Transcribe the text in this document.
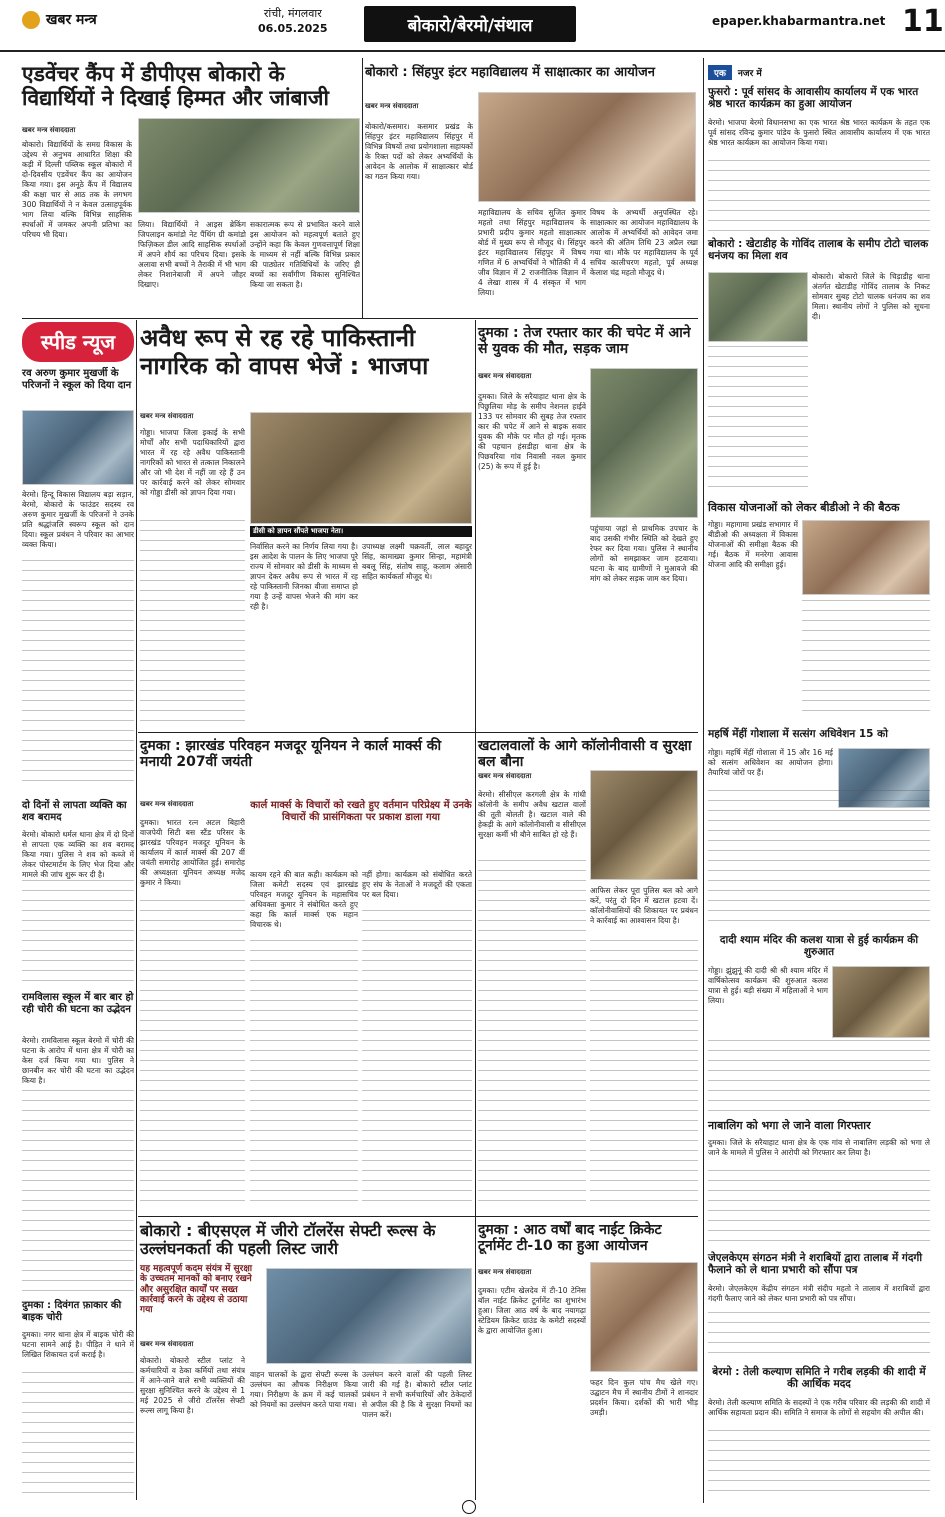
खबर मन्त्र	रांची, मंगलवार
06.05.2025	बोकारो/बेरमो/संथाल	epaper.khabarmantra.net 11
एडवेंचर कैंप में डीपीएस बोकारो के विद्यार्थियों ने दिखाई हिम्मत और जांबाजी
खबर मन्त्र संवाददाता
बोकारो। विद्यार्थियों के समग्र विकास के उद्देश्य से अनुभव आधारित शिक्षा की कड़ी में दिल्ली पब्लिक स्कूल बोकारो में दो-दिवसीय एडवेंचर कैंप का आयोजन किया गया। इस अनूठे कैंप में विद्यालय की कक्षा चार से आठ तक के लगभग 300 विद्यार्थियों ने न केवल उत्साहपूर्वक भाग लिया बल्कि विभिन्न साहसिक स्पर्धाओं में जमकर अपनी प्रतिभा का परिचय भी दिया।
लिया। विद्यार्थियों ने आइस ब्रेकिंग जिपलाइन कमांडो नेट पैंथिंग ग्री कमांडो फिज़िकल डील आदि साहसिक स्पर्धाओं में अपने शौर्य का परिचय दिया। इसके अलावा सभी बच्चों ने तैराकी में भी भाग लेकर निशानेबाजी में अपने जौहर दिखाए।
सकारात्मक रूप से प्रभावित करने वाले इस आयोजन को महत्वपूर्ण बताते हुए उन्होंने कहा कि केवल गुणवत्तापूर्ण शिक्षा के माध्यम से नहीं बल्कि विभिन्न प्रकार की पाठ्येतर गतिविधियों के जरिए ही बच्चों का सर्वांगीण विकास सुनिश्चित किया जा सकता है।
बोकारो : सिंहपुर इंटर महाविद्यालय में साक्षात्कार का आयोजन
खबर मन्त्र संवाददाता
बोकारो/कसमार। कसमार प्रखंड के सिंहपुर इंटर महाविद्यालय सिंहपुर में विभिन्न विषयों तथा प्रयोगशाला सहायकों के रिक्त पदों को लेकर अभ्यर्थियों के आवेदन के आलोक में साक्षात्कार बोर्ड का गठन किया गया।
महाविद्यालय के सचिव सुजित कुमार महतो तथा सिंहपुर महाविद्यालय के प्रभारी प्रदीप कुमार महतो साक्षात्कार बोर्ड में मुख्य रूप से मौजूद थे। सिंहपुर इंटर महाविद्यालय सिंहपुर में विषय गणित में 6 अभ्यर्थियों ने भौतिकी में 4 जीव विज्ञान में 2 राजनीतिक विज्ञान में 4 लेखा शास्त्र में 4 संस्कृत में भाग लिया।
विषय के अभ्यर्थी अनुपस्थित रहे। साक्षात्कार का आयोजन महाविद्यालय के आलोक में अभ्यर्थियों को आवेदन जमा करने की अंतिम तिथि 23 अप्रैल रखा गया था। मौके पर महाविद्यालय के पूर्व सचिव कालीचरण महतो, पूर्व अध्यक्ष केलाश चंद्र महतो मौजूद थे।
स्पीड न्यूज
रव अरुण कुमार मुखर्जी के परिजनों ने स्कूल को दिया दान
बेरमो। हिन्दू विकास विद्यालय बड़ा सड़ान, बेरमो, बोकारो के फाउंडर सदस्य रव अरुण कुमार मुखर्जी के परिजनों ने उनके प्रति श्रद्धांजलि स्वरूप स्कूल को दान दिया। स्कूल प्रबंधन ने परिवार का आभार व्यक्त किया।
दो दिनों से लापता व्यक्ति का शव बरामद
बेरमो। बोकारो थर्मल थाना क्षेत्र में दो दिनों से लापता एक व्यक्ति का शव बरामद किया गया। पुलिस ने शव को कब्जे में लेकर पोस्टमार्टम के लिए भेज दिया और मामले की जांच शुरू कर दी है।
रामविलास स्कूल में बार बार हो रही चोरी की घटना का उद्भेदन
बेरमो। रामविलास स्कूल बेरमो में चोरी की घटना के आरोप में थाना क्षेत्र में चोरी का केस दर्ज किया गया था। पुलिस ने छानबीन कर चोरी की घटना का उद्भेदन किया है।
दुमका : दिवंगत फ़ाकार की बाइक चोरी
दुमका। नगर थाना क्षेत्र में बाइक चोरी की घटना सामने आई है। पीड़ित ने थाने में लिखित शिकायत दर्ज कराई है।
अवैध रूप से रह रहे पाकिस्तानी नागरिक को वापस भेजें : भाजपा
खबर मन्त्र संवाददाता
गोड्डा। भाजपा जिला इकाई के सभी मोर्चों और सभी पदाधिकारियों द्वारा भारत में रह रहे अवैध पाकिस्तानी नागरिकों को भारत से तत्काल निकालने और जो भी देश में नहीं जा रहे हैं उन पर कार्रवाई करने को लेकर सोमवार को गोड्डा डीसी को ज्ञापन दिया गया।
डीसी को ज्ञापन सौंपते भाजपा नेता।
निर्वासित करने का निर्णय लिया गया है। इस आदेश के पालन के लिए भाजपा पूरे राज्य में सोमवार को डीसी के माध्यम से ज्ञापन देकर अवैध रूप से भारत में रह रहे पाकिस्तानी जिनका वीजा समाप्त हो गया है उन्हें वापस भेजने की मांग कर रही है।
उपाध्यक्ष लक्ष्मी चक्रवर्ती, लाल बहादुर सिंह, कामाख्या कुमार सिन्हा, महामंत्री बबलू सिंह, संतोष साहू, कलाम अंसारी सहित कार्यकर्ता मौजूद थे।
दुमका : तेज रफ्तार कार की चपेट में आने से युवक की मौत, सड़क जाम
खबर मन्त्र संवाददाता
दुमका। जिले के सरैयाहाट थाना क्षेत्र के पिछुलिया मोड़ के समीप नेशनल हाईवे 133 पर सोमवार की सुबह तेज रफ्तार कार की चपेट में आने से बाइक सवार युवक की मौके पर मौत हो गई। मृतक की पहचान हंसडीहा थाना क्षेत्र के पिछवरिया गांव निवासी नवल कुमार (25) के रूप में हुई है।
पहुंचाया जहां से प्राथमिक उपचार के बाद उसकी गंभीर स्थिति को देखते हुए रेफर कर दिया गया। पुलिस ने स्थानीय लोगों को समझाकर जाम हटवाया। घटना के बाद ग्रामीणों ने मुआवजे की मांग को लेकर सड़क जाम कर दिया।
दुमका : झारखंड परिवहन मजदूर यूनियन ने कार्ल मार्क्स की मनायी 207वीं जयंती
खबर मन्त्र संवाददाता	कार्ल मार्क्स के विचारों को रखते हुए वर्तमान परिप्रेक्ष्य में उनके विचारों की प्रासंगिकता पर प्रकाश डाला गया
दुमका। भारत रत्न अटल बिहारी वाजपेयी सिटी बस स्टैंड परिसर के झारखंड परिवहन मजदूर यूनियन के कार्यालय में कार्ल मार्क्स की 207 वीं जयंती समारोह आयोजित हुई। समारोह की अध्यक्षता यूनियन अध्यक्ष मजेद कुमार ने किया।
कायम रहने की बात कही। कार्यक्रम को जिला कमेटी सदस्य एवं झारखंड परिवहन मजदूर यूनियन के महासचिव अधिवक्ता कुमार ने संबोधित करते हुए कहा कि कार्ल मार्क्स एक महान विचारक थे।
नहीं होगा। कार्यक्रम को संबोधित करते हुए संघ के नेताओं ने मजदूरों की एकता पर बल दिया।
खटालवालों के आगे कॉलोनीवासी व सुरक्षा बल बौना
खबर मन्त्र संवाददाता
बेरमो। सीसीएल करगली क्षेत्र के गांधी कॉलोनी के समीप अवैध खटाल वालों की तूती बोलती है। खटाल वाले की हेकड़ी के आगे कॉलोनीवासी व सीसीएल सुरक्षा कर्मी भी बौने साबित हो रहे हैं।
आफिस लेकर पूरा पुलिस बल को आगे करें, परंतु दो दिन में खटाल हटवा दें। कॉलोनीवासियों की शिकायत पर प्रबंधन ने कार्रवाई का आश्वासन दिया है।
बोकारो : बीएसएल में जीरो टॉलरेंस सेफ्टी रूल्स के उल्लंघनकर्ता की पहली लिस्ट जारी
यह महत्वपूर्ण कदम संयंत्र में सुरक्षा के उच्चतम मानकों को बनाए रखने और असुरक्षित कार्यों पर सख्त कार्रवाई करने के उद्देश्य से उठाया गया
खबर मन्त्र संवाददाता
बोकारो। बोकारो स्टील प्लांट ने कर्मचारियों व ठेका कर्मियों तथा संयंत्र में आने-जाने वाले सभी व्यक्तियों की सुरक्षा सुनिश्चित करने के उद्देश्य से 1 मई 2025 से जीरो टॉलरेंस सेफ्टी रूल्स लागू किया है।
वाहन चालकों के द्वारा सेफ्टी रूल्स के उल्लंघन का औचक निरीक्षण किया गया। निरीक्षण के क्रम में कई चालकों को नियमों का उल्लंघन करते पाया गया।
उल्लंघन करने वालों की पहली लिस्ट जारी की गई है। बोकारो स्टील प्लांट प्रबंधन ने सभी कर्मचारियों और ठेकेदारों से अपील की है कि वे सुरक्षा नियमों का पालन करें।
दुमका : आठ वर्षों बाद नाईट क्रिकेट टूर्नामेंट टी-10 का हुआ आयोजन
खबर मन्त्र संवाददाता
दुमका। एटीम खेलदेव में टी-10 टेनिस बॉल नाईट क्रिकेट टूर्नामेंट का शुभारंभ हुआ। जिला आठ वर्ष के बाद नयागढ़ा स्टेडियम क्रिकेट ग्राउंड के कमेटी सदस्यों के द्वारा आयोजित हुआ।
फहर दिन कुल पांच मैच खेले गए। उद्घाटन मैच में स्थानीय टीमों ने शानदार प्रदर्शन किया। दर्शकों की भारी भीड़ उमड़ी।
एक	नजर में
फुसरो : पूर्व सांसद के आवासीय कार्यालय में एक भारत श्रेष्ठ भारत कार्यक्रम का हुआ आयोजन
बेरमो। भाजपा बेरमो विधानसभा का एक भारत श्रेष्ठ भारत कार्यक्रम के तहत एक पूर्व सांसद रविन्द्र कुमार पांडेय के फुसरो स्थित आवासीय कार्यालय में एक भारत श्रेष्ठ भारत कार्यक्रम का आयोजन किया गया।
बोकारो : खेटाडीह के गोविंद तालाब के समीप टोटो चालक धनंजय का मिला शव
बोकारो। बोकारो जिले के चिड़ाडीह थाना अंतर्गत खेटाडीह गोविंद तालाब के निकट सोमवार सुबह टोटो चालक धनंजय का शव मिला। स्थानीय लोगों ने पुलिस को सूचना दी।
विकास योजनाओं को लेकर बीडीओ ने की बैठक
गोड्डा। महागामा प्रखंड सभागार में बीडीओ की अध्यक्षता में विकास योजनाओं की समीक्षा बैठक की गई। बैठक में मनरेगा आवास योजना आदि की समीक्षा हुई।
महर्षि मेंहीं गोशाला में सत्संग अधिवेशन 15 को
गोड्डा। महर्षि मेंहीं गोशाला में 15 और 16 मई को सत्संग अधिवेशन का आयोजन होगा। तैयारियां जोरों पर हैं।
दादी श्याम मंदिर की कलश यात्रा से हुई कार्यक्रम की शुरुआत
गोड्डा। झुंझुनूं की दादी श्री श्री श्याम मंदिर में वार्षिकोत्सव कार्यक्रम की शुरुआत कलश यात्रा से हुई। बड़ी संख्या में महिलाओं ने भाग लिया।
नाबालिग को भगा ले जाने वाला गिरफ्तार
दुमका। जिले के सरैयाहाट थाना क्षेत्र के एक गांव से नाबालिग लड़की को भगा ले जाने के मामले में पुलिस ने आरोपी को गिरफ्तार कर लिया है।
जेएलकेएम संगठन मंत्री ने शराबियों द्वारा तालाब में गंदगी फैलाने को ले थाना प्रभारी को सौंपा पत्र
बेरमो। जेएलकेएम केंद्रीय संगठन मंत्री संदीप महतो ने तालाब में शराबियों द्वारा गंदगी फैलाए जाने को लेकर थाना प्रभारी को पत्र सौंपा।
बेरमो : तेली कल्याण समिति ने गरीब लड़की की शादी में की आर्थिक मदद
बेरमो। तेली कल्याण समिति के सदस्यों ने एक गरीब परिवार की लड़की की शादी में आर्थिक सहायता प्रदान की। समिति ने समाज के लोगों से सहयोग की अपील की।
